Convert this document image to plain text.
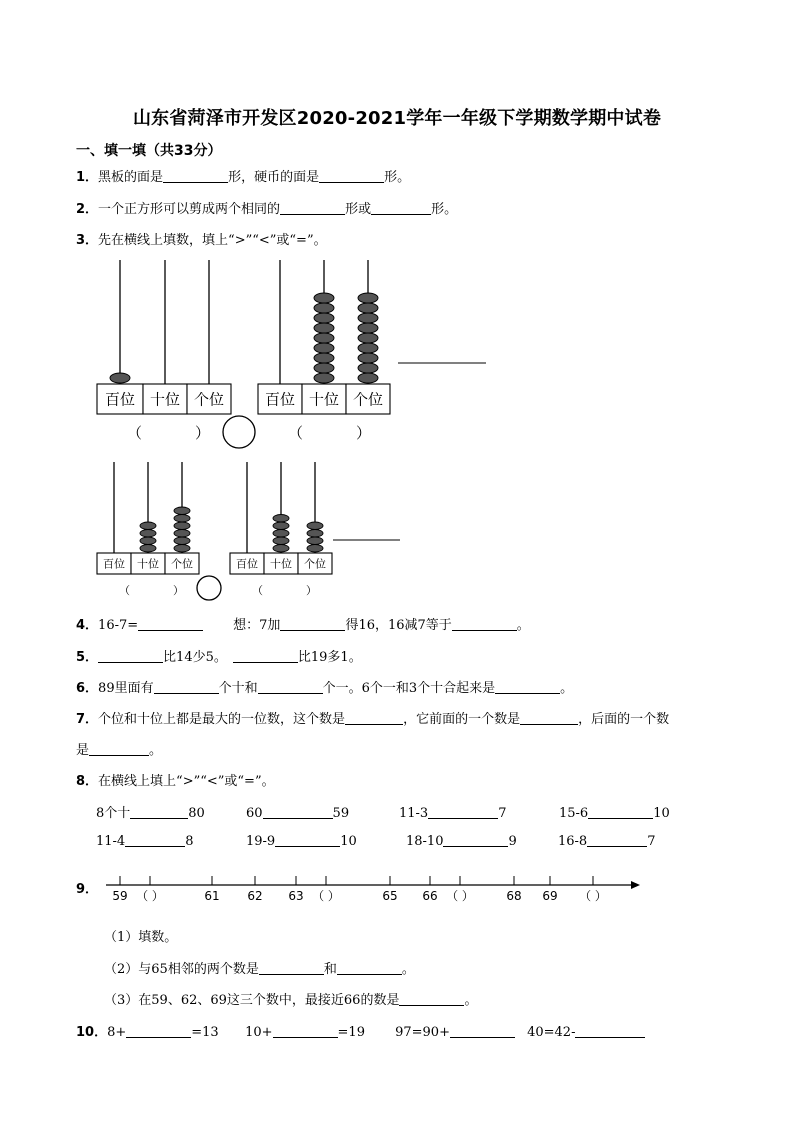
山东省菏泽市开发区2020-2021学年一年级下学期数学期中试卷
一、填一填（共33分）
1．黑板的面是	形，硬币的面是	形。
2．一个正方形可以剪成两个相同的	形或	形。
3．先在横线上填数，填上“>”“<”或“=”。
百位 十位 个位
（	）
百位 十位 个位
（	）
百位 十位 个位
（	）
百位 十位 个位
（	）
4．16-7=	想：7加	得16，16减7等于	。
5．	比14少5。	比19多1。
6．89里面有	个十和	个一。6个一和3个十合起来是	。
7．个位和十位上都是最大的一位数，这个数是	，它前面的一个数是	，后面的一个数
是	。
8．在横线上填上“>”“<”或“=”。
8个十	80	60	59	11-3	7	15-6	10
11-4	8	19-9	10	18-10	9	16-8	7
9． 59 （ ）	61 62 63 （ ）	65 66 （ ）	68 69 （ ）
（1）填数。
（2）与65相邻的两个数是	和	。
（3）在59、62、69这三个数中，最接近66的数是	。
10．8+	=13 10+	=19 97=90+	40=42-
